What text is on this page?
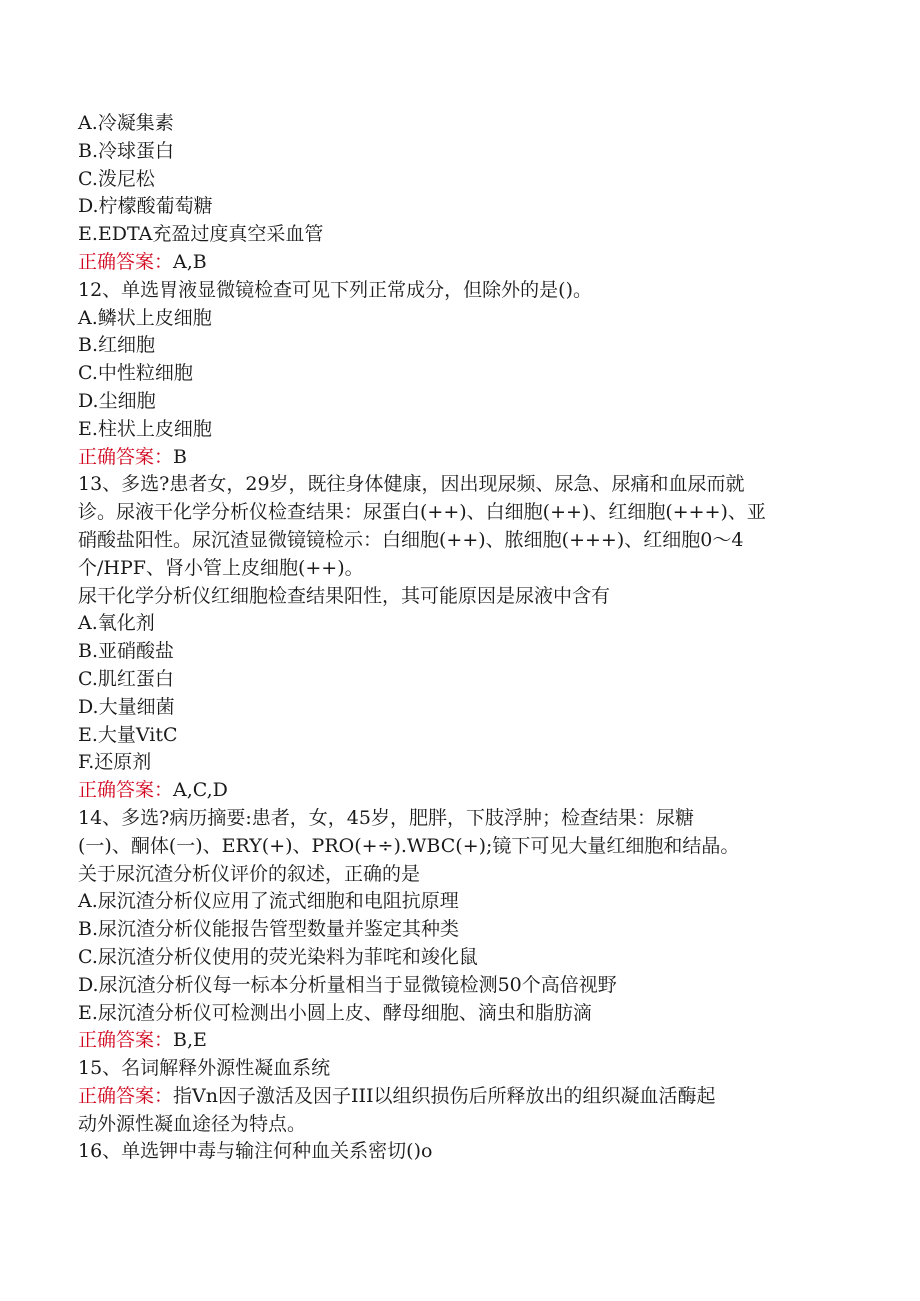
A.冷凝集素
B.冷球蛋白
C.泼尼松
D.柠檬酸葡萄糖
E.EDTA充盈过度真空采血管
正确答案：A,B
12、单选胃液显微镜检查可见下列正常成分，但除外的是()。
A.鳞状上皮细胞
B.红细胞
C.中性粒细胞
D.尘细胞
E.柱状上皮细胞
正确答案：B
13、多选?患者女，29岁，既往身体健康，因出现尿频、尿急、尿痛和血尿而就
诊。尿液干化学分析仪检查结果：尿蛋白(++)、白细胞(++)、红细胞(+++)、亚
硝酸盐阳性。尿沉渣显微镜镜检示：白细胞(++)、脓细胞(+++)、红细胞0～4
个/HPF、肾小管上皮细胞(++)。
尿干化学分析仪红细胞检查结果阳性，其可能原因是尿液中含有
A.氧化剂
B.亚硝酸盐
C.肌红蛋白
D.大量细菌
E.大量VitC
F.还原剂
正确答案：A,C,D
14、多选?病历摘要:患者，女，45岁，肥胖，下肢浮肿；检查结果：尿糖
(一)、酮体(一)、ERY(+)、PRO(+÷).WBC(+);镜下可见大量红细胞和结晶。
关于尿沉渣分析仪评价的叙述，正确的是
A.尿沉渣分析仪应用了流式细胞和电阻抗原理
B.尿沉渣分析仪能报告管型数量并鉴定其种类
C.尿沉渣分析仪使用的荧光染料为菲咤和竣化鼠
D.尿沉渣分析仪每一标本分析量相当于显微镜检测50个高倍视野
E.尿沉渣分析仪可检测出小圆上皮、酵母细胞、滴虫和脂肪滴
正确答案：B,E
15、名词解释外源性凝血系统
正确答案：指Vn因子激活及因子III以组织损伤后所释放出的组织凝血活酶起
动外源性凝血途径为特点。
16、单选钾中毒与输注何种血关系密切()o
